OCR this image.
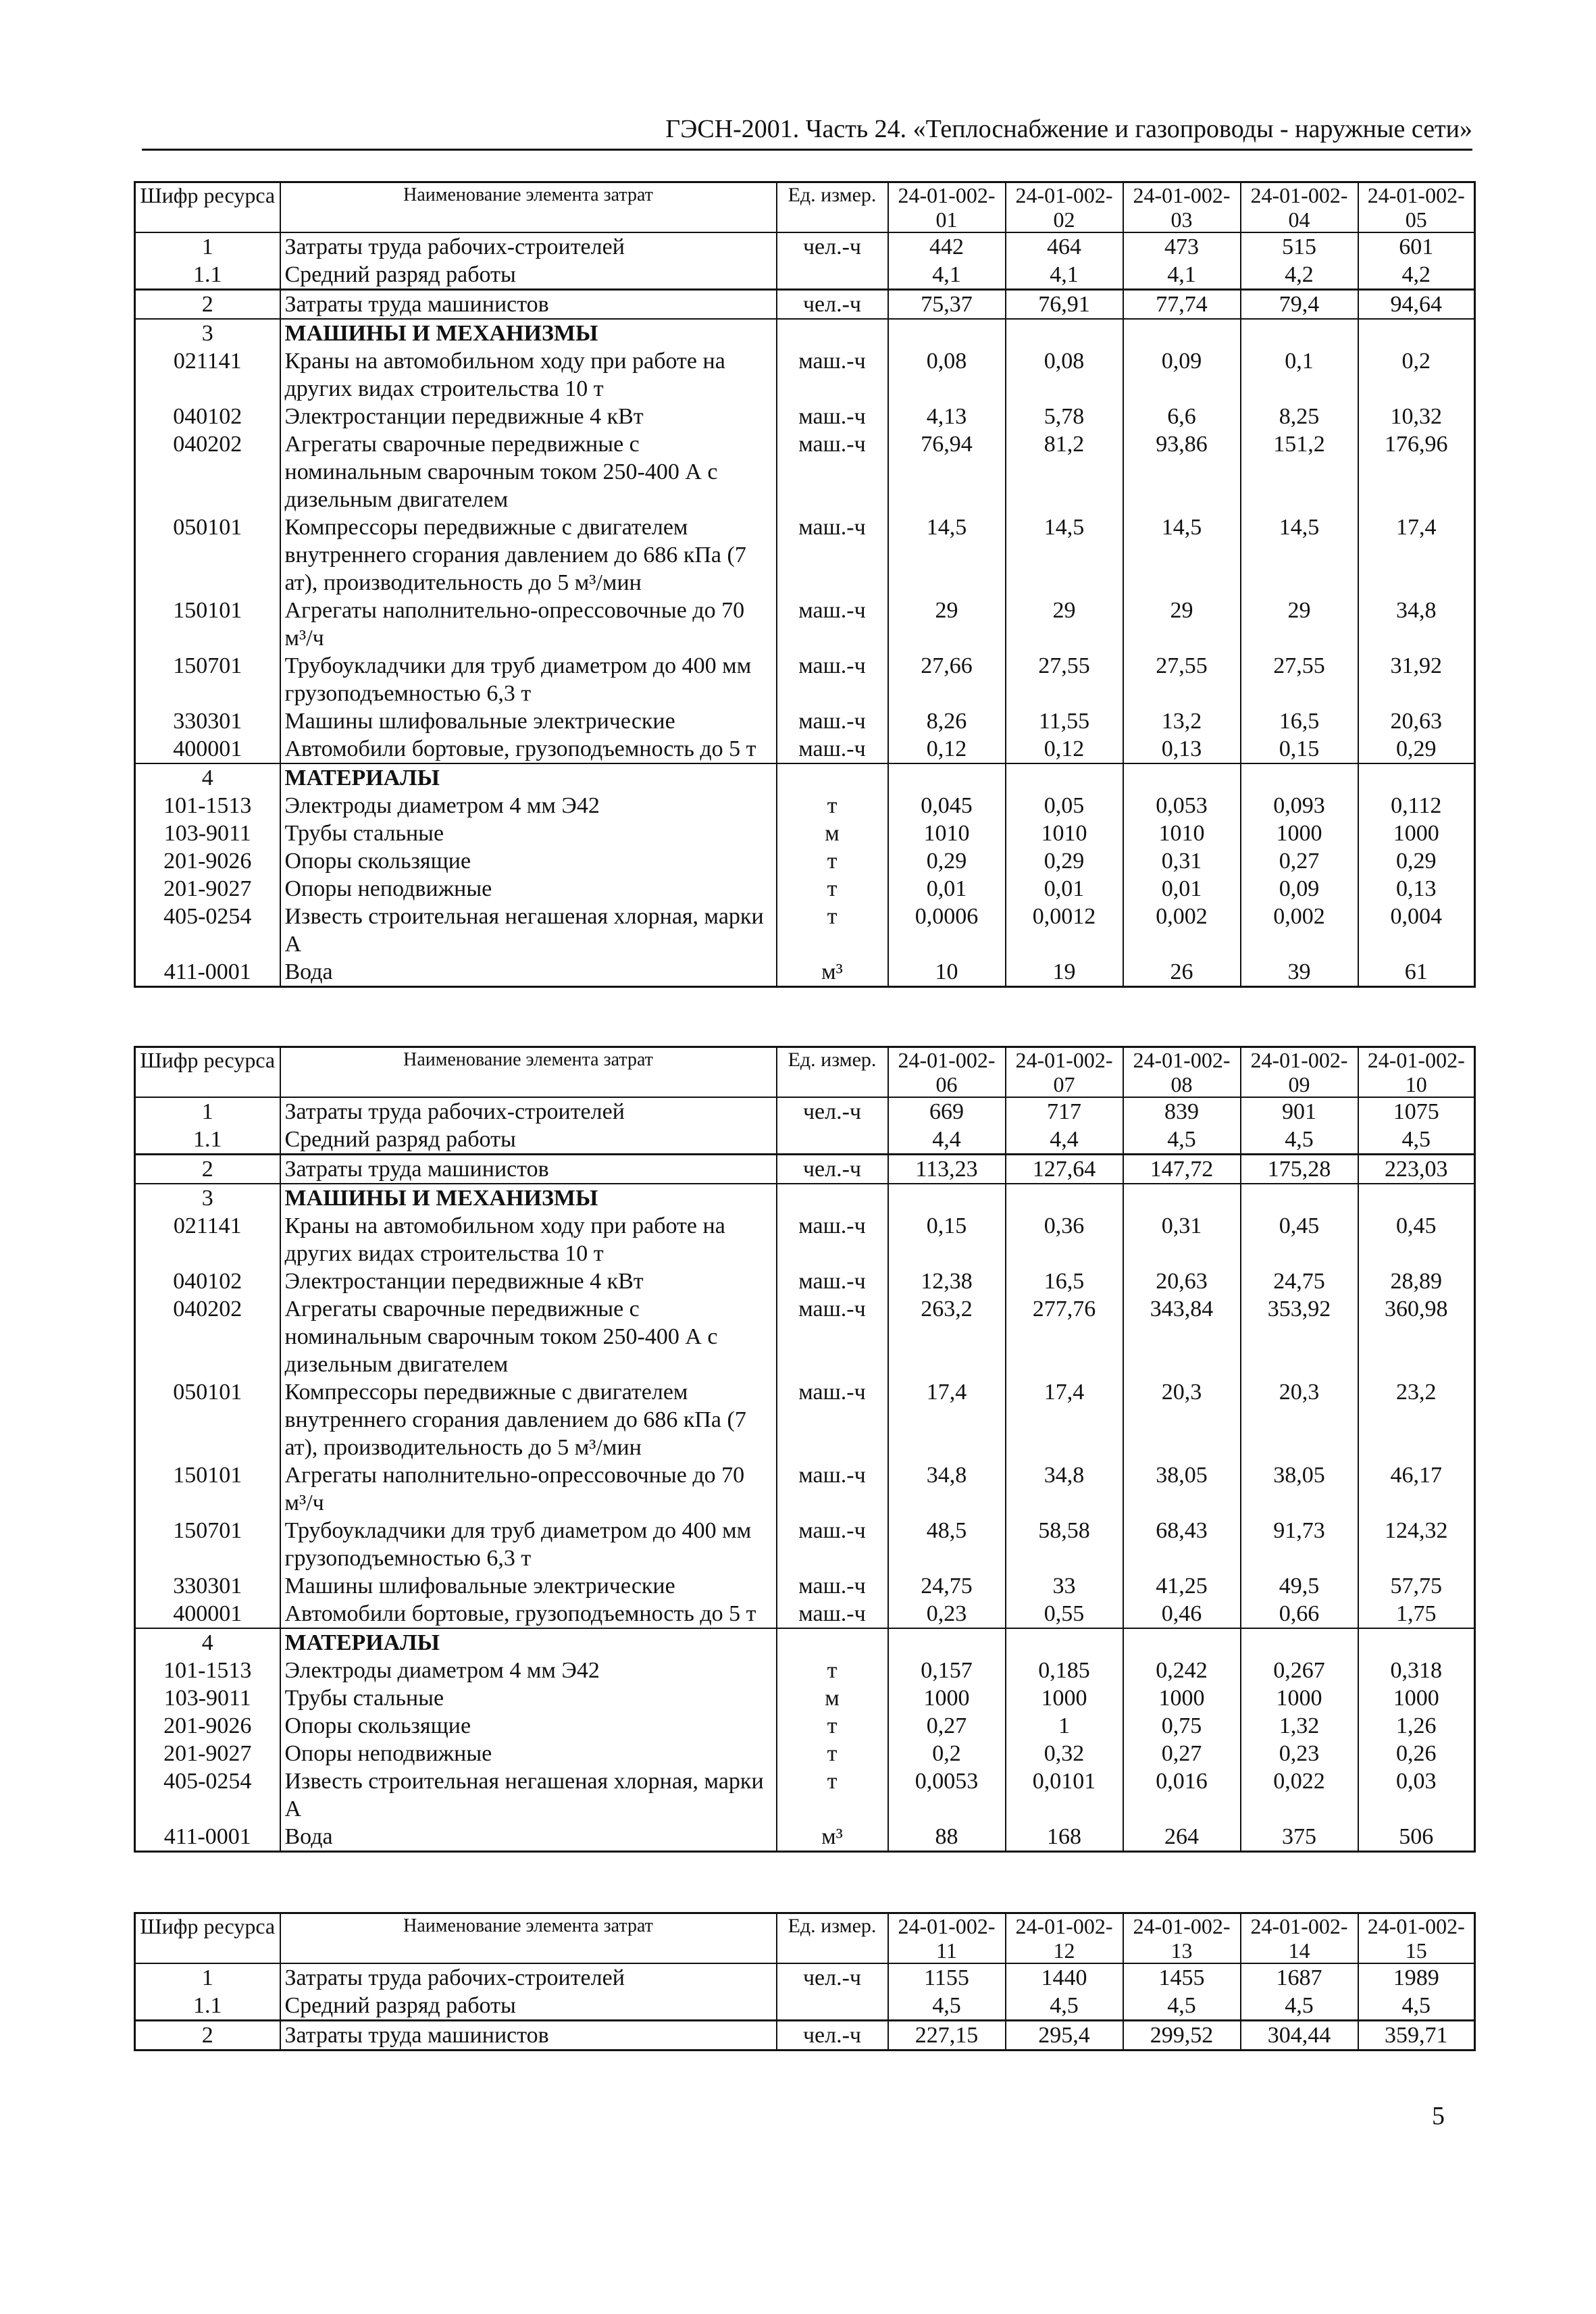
ГЭСН-2001. Часть 24. «Теплоснабжение и газопроводы - наружные сети»
Шифр ресурса	Наименование элемента затрат	Ед. измер.	24-01-002-01	24-01-002-02	24-01-002-03	24-01-002-04	24-01-002-05
1	Затраты труда рабочих-строителей	чел.-ч	442	464	473	515	601
1.1	Средний разряд работы		4,1	4,1	4,1	4,2	4,2
2	Затраты труда машинистов	чел.-ч	75,37	76,91	77,74	79,4	94,64
3	МАШИНЫ И МЕХАНИЗМЫ						
021141	Краны на автомобильном ходу при работе на других видах строительства 10 т	маш.-ч	0,08	0,08	0,09	0,1	0,2
040102	Электростанции передвижные 4 кВт	маш.-ч	4,13	5,78	6,6	8,25	10,32
040202	Агрегаты сварочные передвижные с номинальным сварочным током 250-400 А с дизельным двигателем	маш.-ч	76,94	81,2	93,86	151,2	176,96
050101	Компрессоры передвижные с двигателем внутреннего сгорания давлением до 686 кПа (7 ат), производительность до 5 м³/мин	маш.-ч	14,5	14,5	14,5	14,5	17,4
150101	Агрегаты наполнительно-опрессовочные до 70 м³/ч	маш.-ч	29	29	29	29	34,8
150701	Трубоукладчики для труб диаметром до 400 мм грузоподъемностью 6,3 т	маш.-ч	27,66	27,55	27,55	27,55	31,92
330301	Машины шлифовальные электрические	маш.-ч	8,26	11,55	13,2	16,5	20,63
400001	Автомобили бортовые, грузоподъемность до 5 т	маш.-ч	0,12	0,12	0,13	0,15	0,29
4	МАТЕРИАЛЫ						
101-1513	Электроды диаметром 4 мм Э42	т	0,045	0,05	0,053	0,093	0,112
103-9011	Трубы стальные	м	1010	1010	1010	1000	1000
201-9026	Опоры скользящие	т	0,29	0,29	0,31	0,27	0,29
201-9027	Опоры неподвижные	т	0,01	0,01	0,01	0,09	0,13
405-0254	Известь строительная негашеная хлорная, марки А	т	0,0006	0,0012	0,002	0,002	0,004
411-0001	Вода	м³	10	19	26	39	61
Шифр ресурса	Наименование элемента затрат	Ед. измер.	24-01-002-06	24-01-002-07	24-01-002-08	24-01-002-09	24-01-002-10
1	Затраты труда рабочих-строителей	чел.-ч	669	717	839	901	1075
1.1	Средний разряд работы		4,4	4,4	4,5	4,5	4,5
2	Затраты труда машинистов	чел.-ч	113,23	127,64	147,72	175,28	223,03
3	МАШИНЫ И МЕХАНИЗМЫ						
021141	Краны на автомобильном ходу при работе на других видах строительства 10 т	маш.-ч	0,15	0,36	0,31	0,45	0,45
040102	Электростанции передвижные 4 кВт	маш.-ч	12,38	16,5	20,63	24,75	28,89
040202	Агрегаты сварочные передвижные с номинальным сварочным током 250-400 А с дизельным двигателем	маш.-ч	263,2	277,76	343,84	353,92	360,98
050101	Компрессоры передвижные с двигателем внутреннего сгорания давлением до 686 кПа (7 ат), производительность до 5 м³/мин	маш.-ч	17,4	17,4	20,3	20,3	23,2
150101	Агрегаты наполнительно-опрессовочные до 70 м³/ч	маш.-ч	34,8	34,8	38,05	38,05	46,17
150701	Трубоукладчики для труб диаметром до 400 мм грузоподъемностью 6,3 т	маш.-ч	48,5	58,58	68,43	91,73	124,32
330301	Машины шлифовальные электрические	маш.-ч	24,75	33	41,25	49,5	57,75
400001	Автомобили бортовые, грузоподъемность до 5 т	маш.-ч	0,23	0,55	0,46	0,66	1,75
4	МАТЕРИАЛЫ						
101-1513	Электроды диаметром 4 мм Э42	т	0,157	0,185	0,242	0,267	0,318
103-9011	Трубы стальные	м	1000	1000	1000	1000	1000
201-9026	Опоры скользящие	т	0,27	1	0,75	1,32	1,26
201-9027	Опоры неподвижные	т	0,2	0,32	0,27	0,23	0,26
405-0254	Известь строительная негашеная хлорная, марки А	т	0,0053	0,0101	0,016	0,022	0,03
411-0001	Вода	м³	88	168	264	375	506
Шифр ресурса	Наименование элемента затрат	Ед. измер.	24-01-002-11	24-01-002-12	24-01-002-13	24-01-002-14	24-01-002-15
1	Затраты труда рабочих-строителей	чел.-ч	1155	1440	1455	1687	1989
1.1	Средний разряд работы		4,5	4,5	4,5	4,5	4,5
2	Затраты труда машинистов	чел.-ч	227,15	295,4	299,52	304,44	359,71
5
